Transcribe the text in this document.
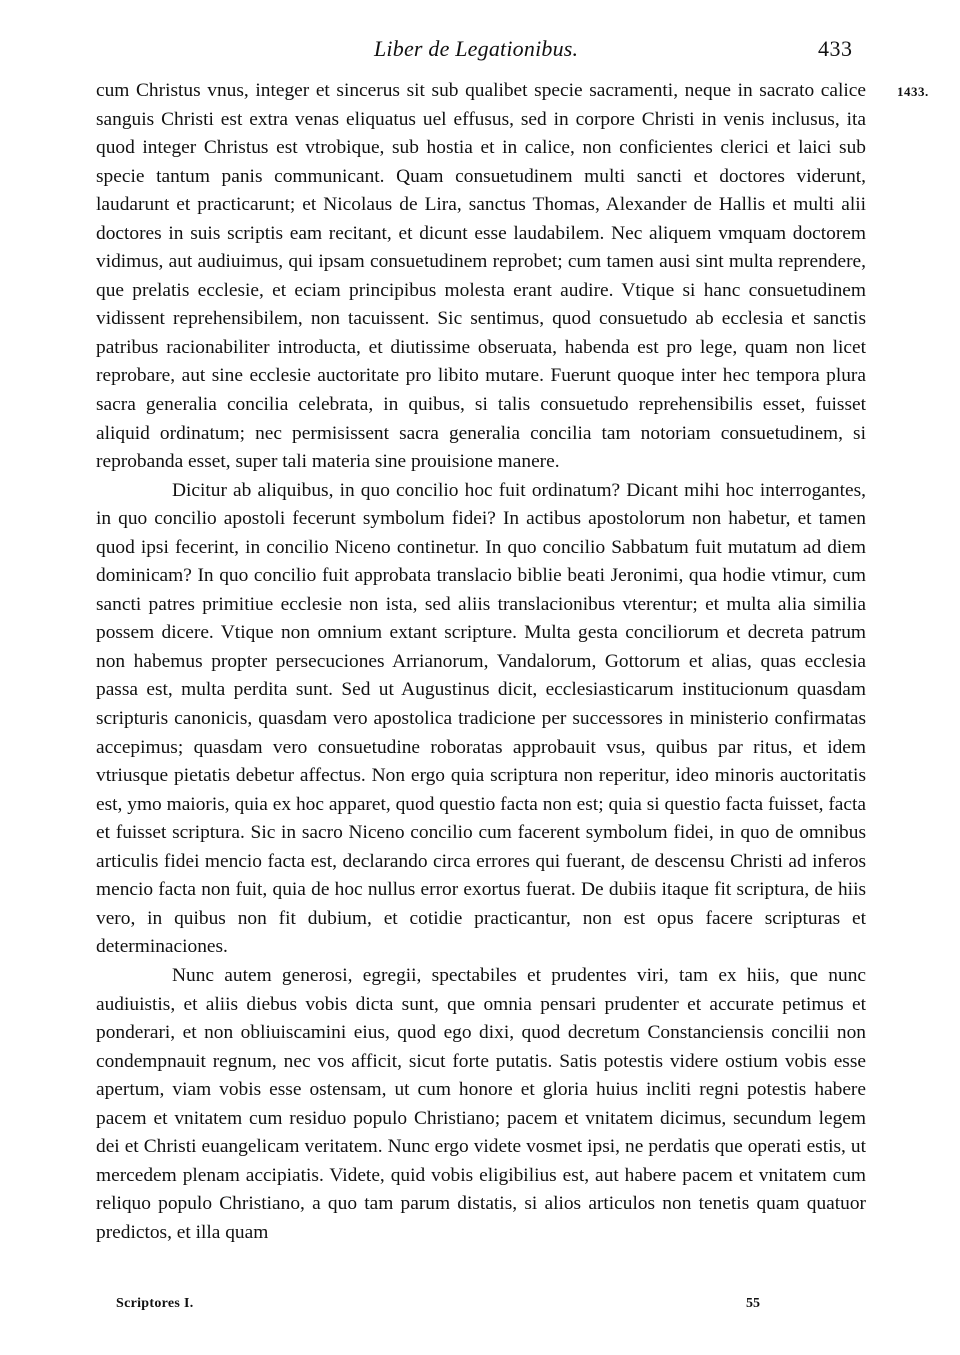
Liber de Legationibus.	433
1433.

cum Christus vnus, integer et sincerus sit sub qualibet specie sacramenti, neque in sacrato calice sanguis Christi est extra venas eliquatus uel effusus, sed in corpore Christi in venis inclusus, ita quod integer Christus est vtrobique, sub hostia et in calice, non conficientes clerici et laici sub specie tantum panis communicant. Quam consuetudinem multi sancti et doctores viderunt, laudarunt et practicarunt; et Nicolaus de Lira, sanctus Thomas, Alexander de Hallis et multi alii doctores in suis scriptis eam recitant, et dicunt esse laudabilem. Nec aliquem vmquam doctorem vidimus, aut audiuimus, qui ipsam consuetudinem reprobet; cum tamen ausi sint multa reprendere, que prelatis ecclesie, et eciam principibus molesta erant audire. Vtique si hanc consuetudinem vidissent reprehensibilem, non tacuissent. Sic sentimus, quod consuetudo ab ecclesia et sanctis patribus racionabiliter introducta, et diutissime obseruata, habenda est pro lege, quam non licet reprobare, aut sine ecclesie auctoritate pro libito mutare. Fuerunt quoque inter hec tempora plura sacra generalia concilia celebrata, in quibus, si talis consuetudo reprehensibilis esset, fuisset aliquid ordinatum; nec permisissent sacra generalia concilia tam notoriam consuetudinem, si reprobanda esset, super tali materia sine prouisione manere.

Dicitur ab aliquibus, in quo concilio hoc fuit ordinatum? Dicant mihi hoc interrogantes, in quo concilio apostoli fecerunt symbolum fidei? In actibus apostolorum non habetur, et tamen quod ipsi fecerint, in concilio Niceno continetur. In quo concilio Sabbatum fuit mutatum ad diem dominicam? In quo concilio fuit approbata translacio biblie beati Jeronimi, qua hodie vtimur, cum sancti patres primitiue ecclesie non ista, sed aliis translacionibus vterentur; et multa alia similia possem dicere. Vtique non omnium extant scripture. Multa gesta conciliorum et decreta patrum non habemus propter persecuciones Arrianorum, Vandalorum, Gottorum et alias, quas ecclesia passa est, multa perdita sunt. Sed ut Augustinus dicit, ecclesiasticarum institucionum quasdam scripturis canonicis, quasdam vero apostolica tradicione per successores in ministerio confirmatas accepimus; quasdam vero consuetudine roboratas approbauit vsus, quibus par ritus, et idem vtriusque pietatis debetur affectus. Non ergo quia scriptura non reperitur, ideo minoris auctoritatis est, ymo maioris, quia ex hoc apparet, quod questio facta non est; quia si questio facta fuisset, facta et fuisset scriptura. Sic in sacro Niceno concilio cum facerent symbolum fidei, in quo de omnibus articulis fidei mencio facta est, declarando circa errores qui fuerant, de descensu Christi ad inferos mencio facta non fuit, quia de hoc nullus error exortus fuerat. De dubiis itaque fit scriptura, de hiis vero, in quibus non fit dubium, et cotidie practicantur, non est opus facere scripturas et determinaciones.

Nunc autem generosi, egregii, spectabiles et prudentes viri, tam ex hiis, que nunc audiuistis, et aliis diebus vobis dicta sunt, que omnia pensari prudenter et accurate petimus et ponderari, et non obliuiscamini eius, quod ego dixi, quod decretum Constanciensis concilii non condempnauit regnum, nec vos afficit, sicut forte putatis. Satis potestis videre ostium vobis esse apertum, viam vobis esse ostensam, ut cum honore et gloria huius incliti regni potestis habere pacem et vnitatem cum residuo populo Christiano; pacem et vnitatem dicimus, secundum legem dei et Christi euangelicam veritatem. Nunc ergo videte vosmet ipsi, ne perdatis que operati estis, ut mercedem plenam accipiatis. Videte, quid vobis eligibilius est, aut habere pacem et vnitatem cum reliquo populo Christiano, a quo tam parum distatis, si alios articulos non tenetis quam quatuor predictos, et illa quam

Scriptores I.	55
